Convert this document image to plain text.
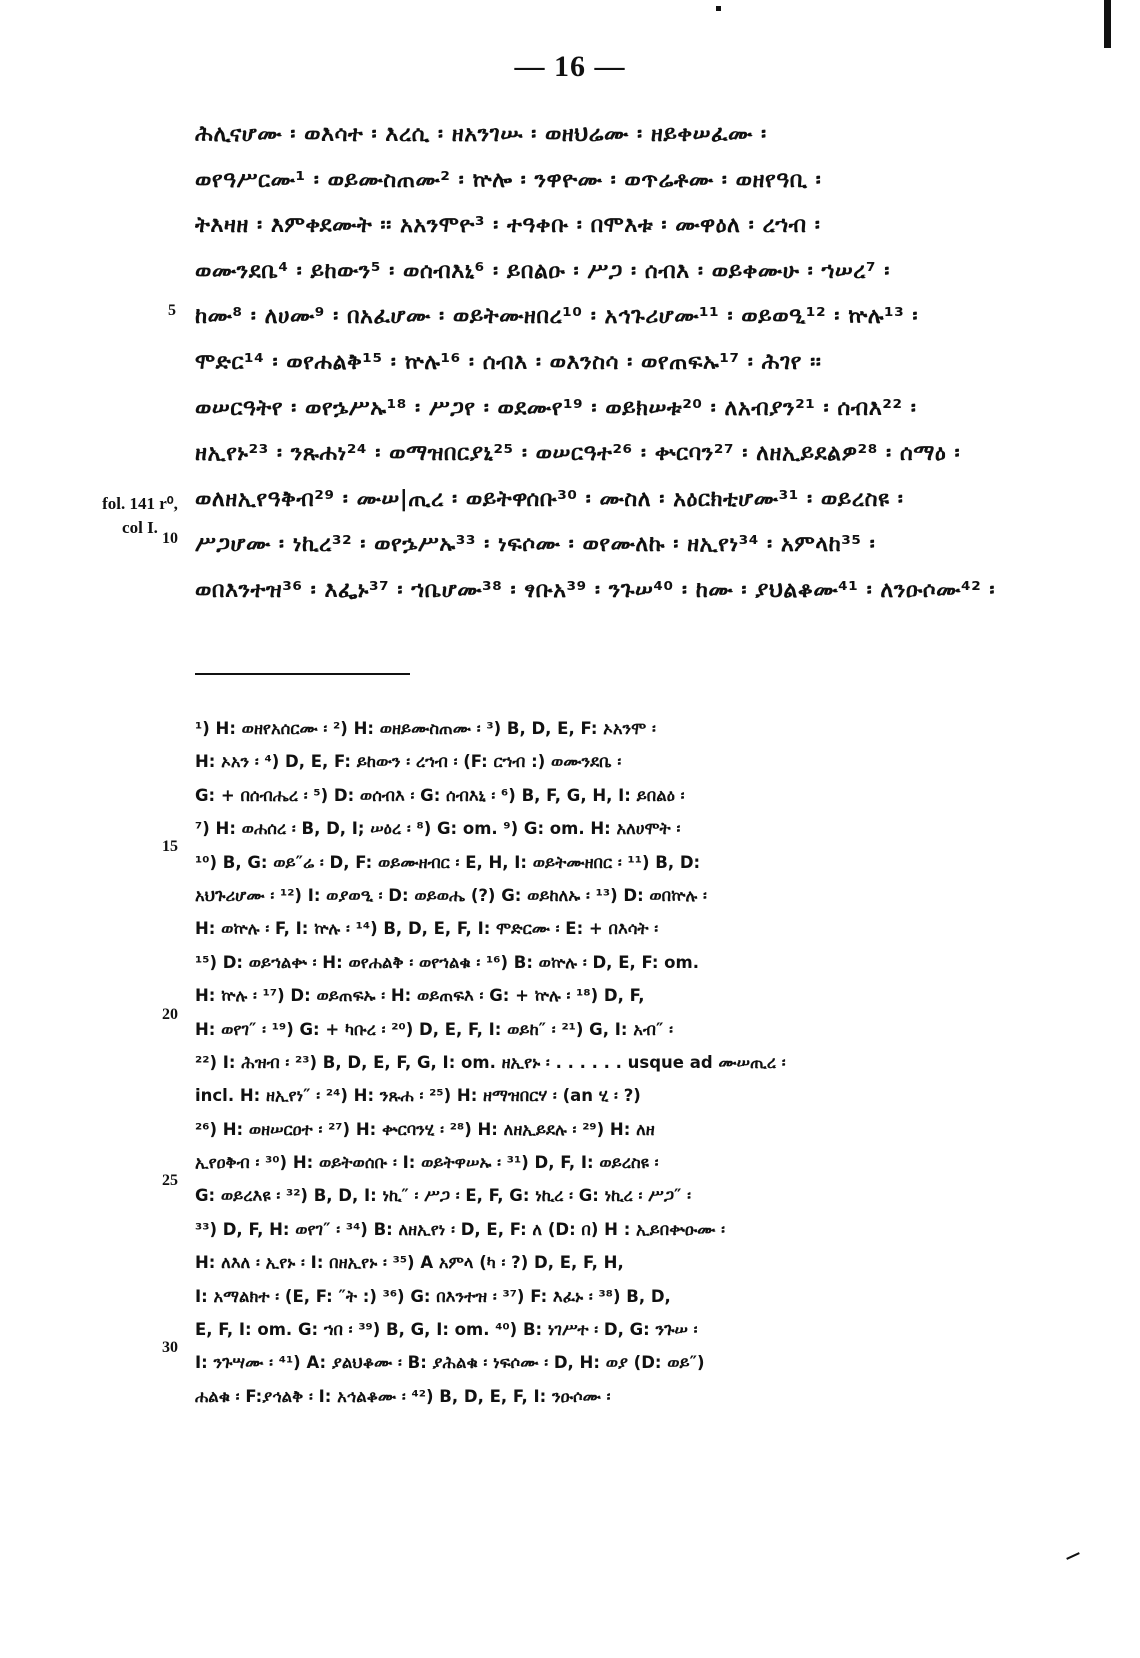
— 16 —
fol. 141 r⁰,
col I.
5
10
ሕሊናሆሙ ፡ ወእሳተ ፡ እረሲ ፡ ዘአንገሡ ፡ ወዘህሬሙ ፡ ዘይቀሠፈሙ ፡
ወየዓሥርሙ¹ ፡ ወይሙስጠሙ² ፡ ኵሎ ፡ ንዋዮሙ ፡ ወጥሬቶሙ ፡ ወዘየዓቢ ፡
ትእዛዘ ፡ እምቀደሙት ፡፡ አአንሞዮ³ ፡ ተዓቀቡ ፡ በሞእቱ ፡ ሙዋዕለ ፡ ረኀብ ፡
ወሙንደቤ⁴ ፡ ይከውን⁵ ፡ ወሰብእኒ⁶ ፡ ይበልዑ ፡ ሥጋ ፡ ሰብእ ፡ ወይቀሙሁ ፡ ኀሠረ⁷ ፡
ከሙ⁸ ፡ ለሀሙ⁹ ፡ በአፈሆሙ ፡ ወይትሙዘበረ¹⁰ ፡ አኅጉሪሆሙ¹¹ ፡ ወይወዒ¹² ፡ ኵሉ¹³ ፡
ሞድር¹⁴ ፡ ወየሐልቅ¹⁵ ፡ ኵሉ¹⁶ ፡ ሰብእ ፡ ወእንስሳ ፡ ወየጠፍኡ¹⁷ ፡ ሕገየ ፡፡
ወሠርዓትየ ፡ ወየኌሥኡ¹⁸ ፡ ሥጋየ ፡ ወደሙየ¹⁹ ፡ ወይክሠቱ²⁰ ፡ ለአብያን²¹ ፡ ሰብእ²² ፡
ዘኢየኑ²³ ፡ ንጹሐነ²⁴ ፡ ወማዝበርያኒ²⁵ ፡ ወሠርዓተ²⁶ ፡ ቍርባን²⁷ ፡ ለዘኢይደልዎ²⁸ ፡ ሰማዕ ፡
ወለዘኢየዓቅብ²⁹ ፡ ሙሠ|ጢረ ፡ ወይትዋሰቡ³⁰ ፡ ሙስለ ፡ አዕርክቲሆሙ³¹ ፡ ወይረስዩ ፡
ሥጋሆሙ ፡ ነኪረ³² ፡ ወየኌሥኡ³³ ፡ ነፍሶሙ ፡ ወየሙለኩ ፡ ዘኢየነ³⁴ ፡ አምላከ³⁵ ፡
ወበእንተዝ³⁶ ፡ እፌኑ³⁷ ፡ ኀቤሆሙ³⁸ ፡ ፃቡአ³⁹ ፡ ንጉሠ⁴⁰ ፡ ከሙ ፡ ያህልቆሙ⁴¹ ፡ ለንዑሶሙ⁴² ፡
15
20
25
30
¹) H: ወዘየአሰርሙ ፡ ²) H: ወዘይሙስጠሙ ፡ ³) B, D, E, F: ኦአንሞ ፡
H: ኦአን ፡ ⁴) D, E, F: ይከውን ፡ ረኀብ ፡ (F: ርኀብ :) ወሙንደቤ ፡
G: + በሰብሔረ ፡ ⁵) D: ወሰብእ ፡ G: ሰብእኒ ፡ ⁶) B, F, G, H, I: ይበልዕ ፡
⁷) H: ወሐሰረ ፡ B, D, I; ሠዕረ ፡ ⁸) G: om. ⁹) G: om. H: አለሀሞት ፡
¹⁰) B, G: ወይ″ሬ ፡ D, F: ወይሙዘብር ፡ E, H, I: ወይትሙዘበር ፡ ¹¹) B, D:
አህጉሪሆሙ ፡ ¹²) I: ወያወዒ ፡ D: ወይወሔ (?) G: ወይከለኡ ፡ ¹³) D: ወበኵሉ ፡
H: ወኵሉ ፡ F, I: ኵሉ ፡ ¹⁴) B, D, E, F, I: ሞድርሙ ፡ E: + በእሳት ፡
¹⁵) D: ወይኀልቍ ፡ H: ወየሐልቅ ፡ ወየኀልቁ ፡ ¹⁶) B: ወኵሉ ፡ D, E, F: om.
H: ኵሉ ፡ ¹⁷) D: ወይጠፍኡ ፡ H: ወይጠፍእ ፡ G: + ኵሉ ፡ ¹⁸) D, F,
H: ወየገ″ ፡ ¹⁹) G: + ካቡረ ፡ ²⁰) D, E, F, I: ወይከ″ ፡ ²¹) G, I: አብ″ ፡
²²) I: ሕዝብ ፡ ²³) B, D, E, F, G, I: om. ዘኢየኑ ፡ . . . . . . usque ad ሙሠጢረ ፡
incl. H: ዘኢየነ″ ፡ ²⁴) H: ንጹሐ ፡ ²⁵) H: ዘማዝበርሃ ፡ (an ሂ ፡ ?)
²⁶) H: ወዘሠርዐተ ፡ ²⁷) H: ቍርባንሂ ፡ ²⁸) H: ለዘኢይደሉ ፡ ²⁹) H: ለዘ
ኢየዐቅብ ፡ ³⁰) H: ወይትወሰቡ ፡ I: ወይትዋሠኡ ፡ ³¹) D, F, I: ወይረስዩ ፡
G: ወይረእዩ ፡ ³²) B, D, I: ነኪ″ ፡ ሥጋ ፡ E, F, G: ነኪረ ፡ G: ነኪረ ፡ ሥጋ″ ፡
³³) D, F, H: ወየገ″ ፡ ³⁴) B: ለዘኢየነ ፡ D, E, F: ለ (D: በ) H : ኢይበቍዑሙ ፡
H: ለእለ ፡ ኢየኑ ፡ I: በዘኢየኑ ፡ ³⁵) A አምላ (ካ ፡ ?) D, E, F, H,
I: አማልክተ ፡ (E, F: ″ት :) ³⁶) G: በእንተዝ ፡ ³⁷) F: እፈኑ ፡ ³⁸) B, D,
E, F, I: om. G: ኀበ ፡ ³⁹) B, G, I: om. ⁴⁰) B: ነገሥተ ፡ D, G: ንጉሠ ፡
I: ንጉሣሙ ፡ ⁴¹) A: ያልህቆሙ ፡ B: ያሕልቁ ፡ ነፍሶሙ ፡ D, H: ወያ (D: ወይ″)
ሐልቁ ፡ F:ያኅልቅ ፡ I: አኅልቆሙ ፡ ⁴²) B, D, E, F, I: ንዑሶሙ ፡
